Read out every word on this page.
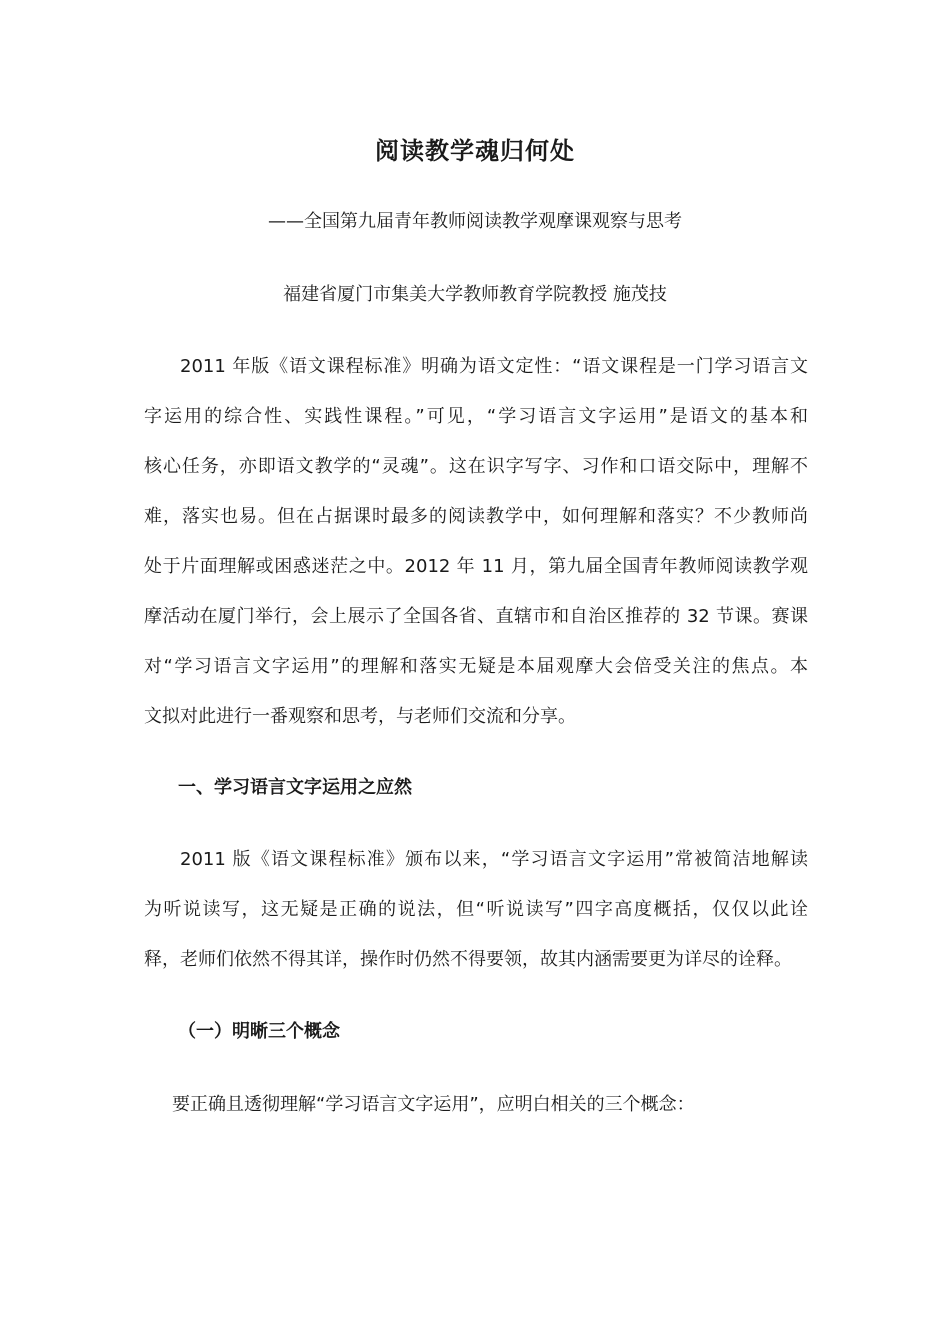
阅读教学魂归何处
——全国第九届青年教师阅读教学观摩课观察与思考
福建省厦门市集美大学教师教育学院教授 施茂技
2011 年版《语文课程标准》明确为语文定性：“语文课程是一门学习语言文
字运用的综合性、实践性课程。”可见，“学习语言文字运用”是语文的基本和
核心任务，亦即语文教学的“灵魂”。这在识字写字、习作和口语交际中，理解不
难，落实也易。但在占据课时最多的阅读教学中，如何理解和落实？不少教师尚
处于片面理解或困惑迷茫之中。2012 年 11 月，第九届全国青年教师阅读教学观
摩活动在厦门举行，会上展示了全国各省、直辖市和自治区推荐的 32 节课。赛课
对“学习语言文字运用”的理解和落实无疑是本届观摩大会倍受关注的焦点。本
文拟对此进行一番观察和思考，与老师们交流和分享。
一、学习语言文字运用之应然
2011 版《语文课程标准》颁布以来，“学习语言文字运用”常被简洁地解读
为听说读写，这无疑是正确的说法，但“听说读写”四字高度概括，仅仅以此诠
释，老师们依然不得其详，操作时仍然不得要领，故其内涵需要更为详尽的诠释。
（一）明晰三个概念
要正确且透彻理解“学习语言文字运用”，应明白相关的三个概念：
